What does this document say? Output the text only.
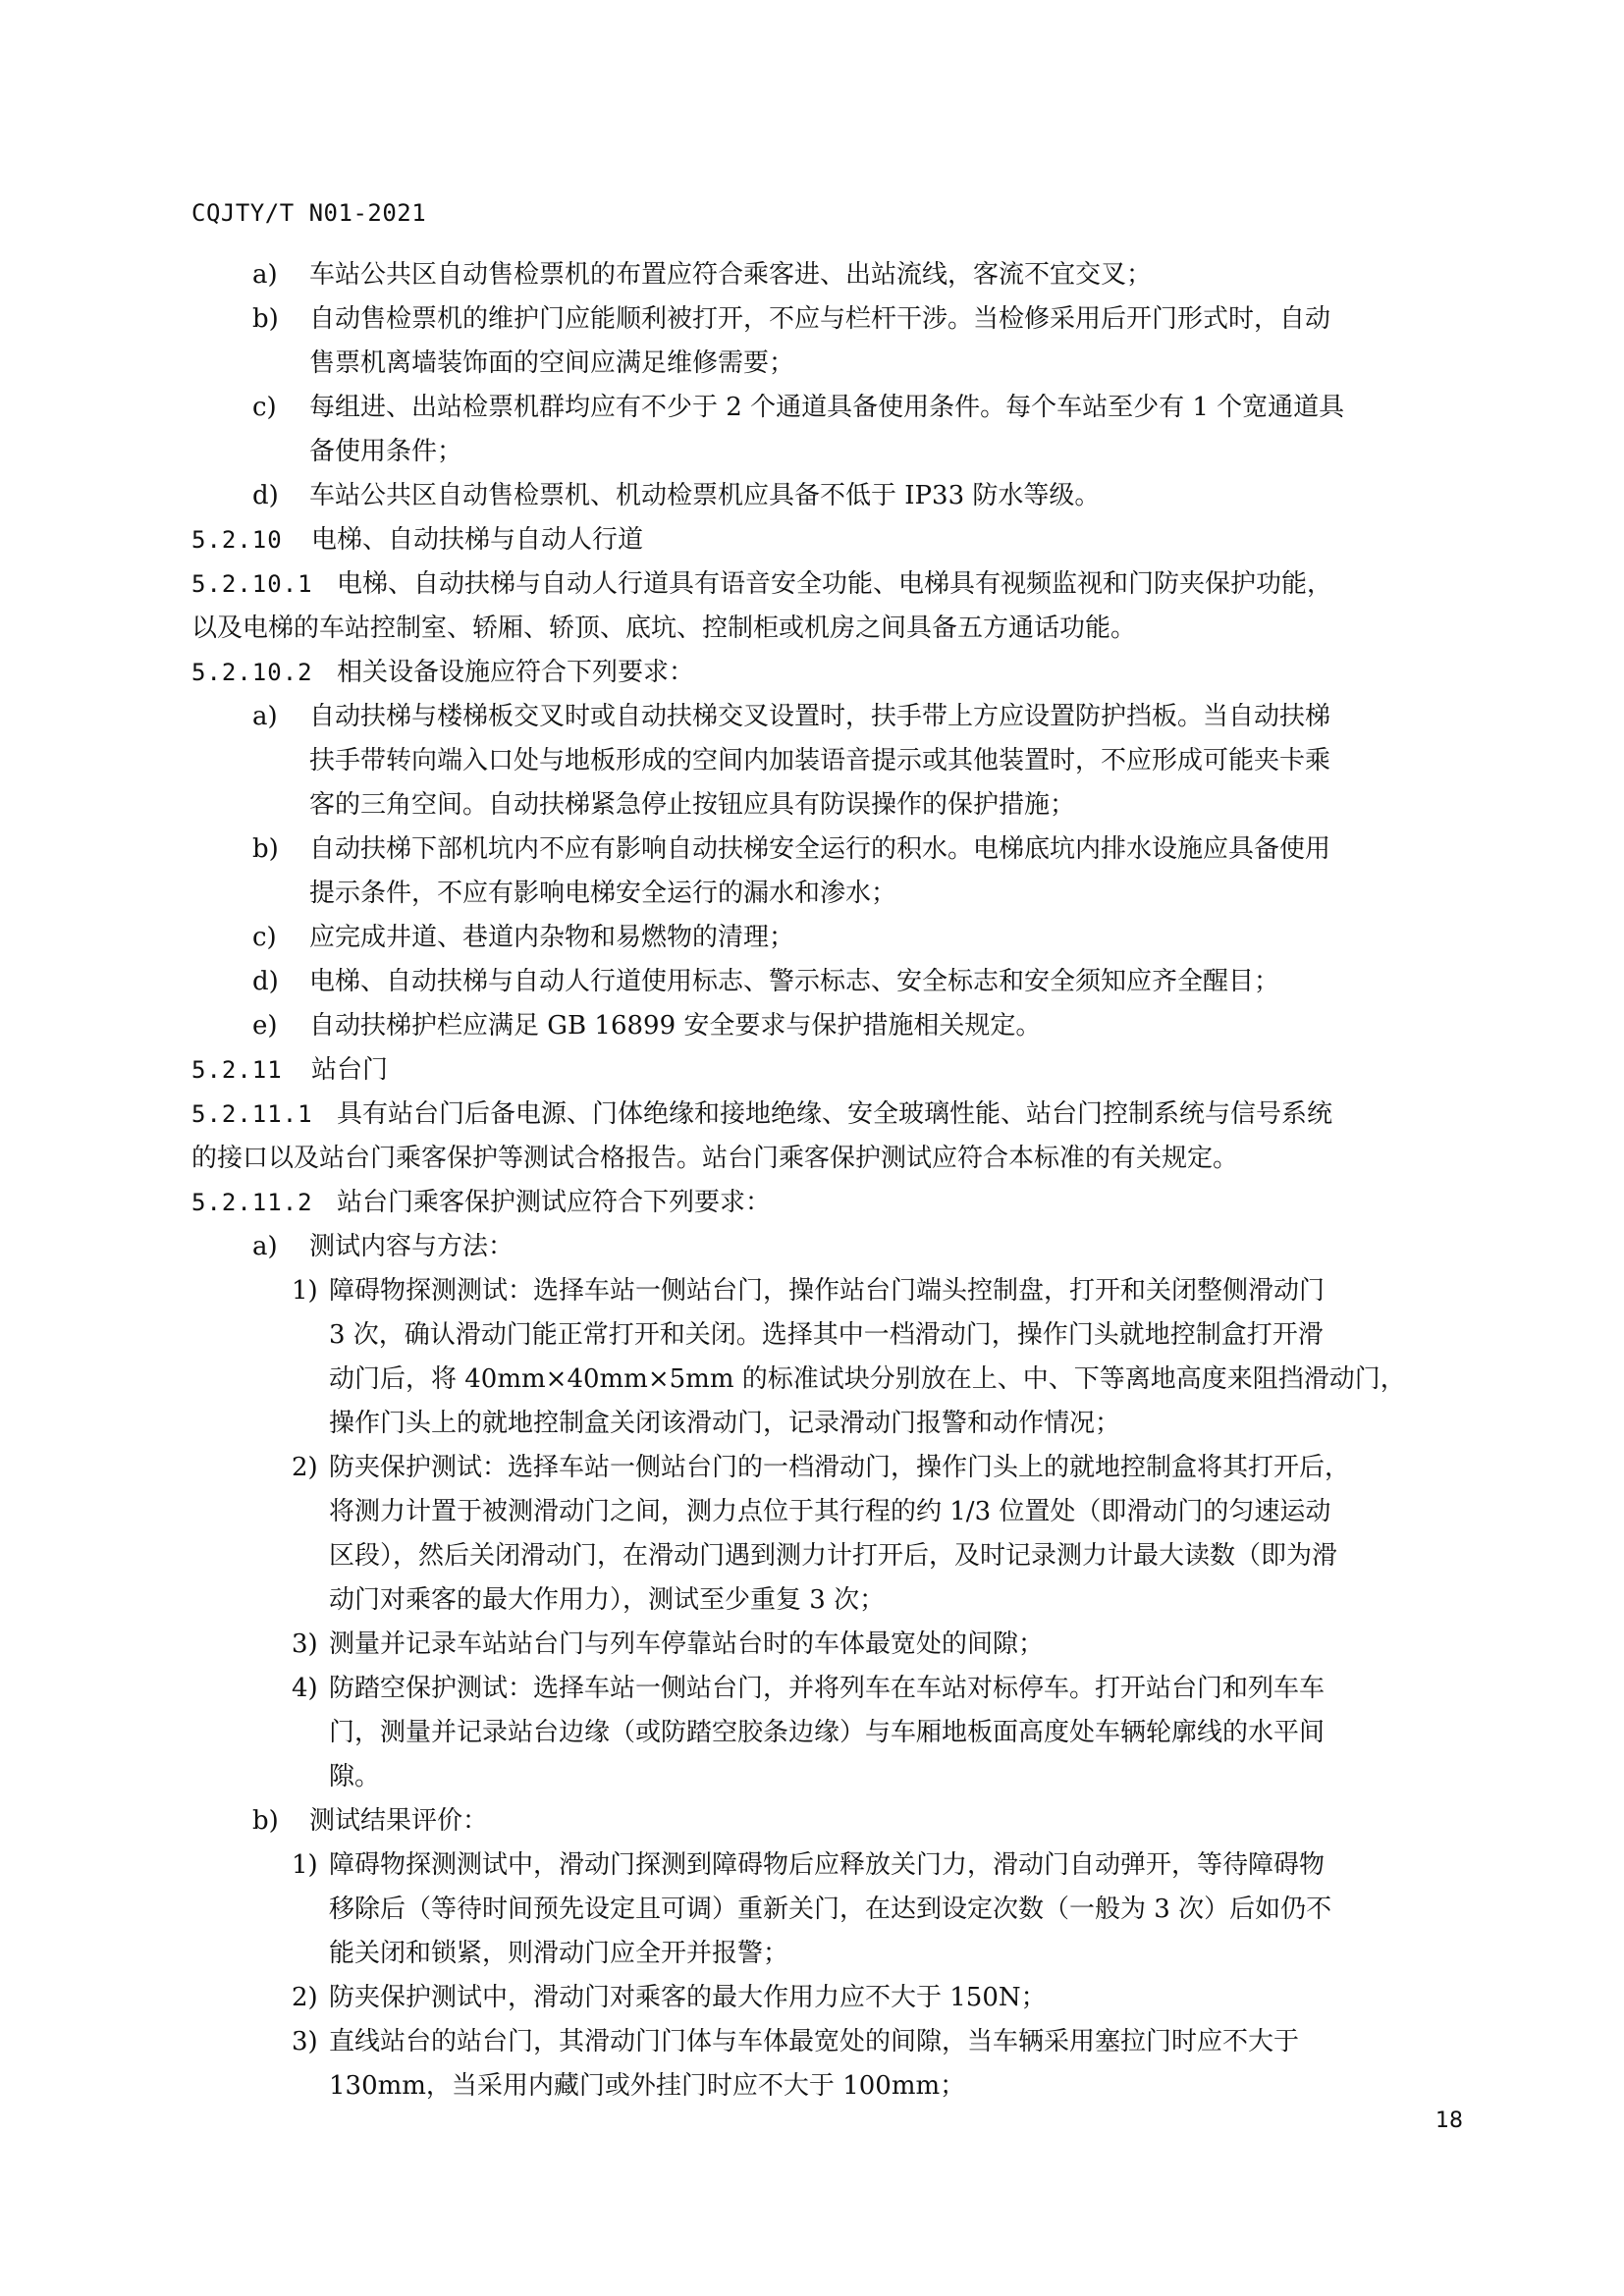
CQJTY/T N01-2021
a) 车站公共区自动售检票机的布置应符合乘客进、出站流线，客流不宜交叉；
b) 自动售检票机的维护门应能顺利被打开，不应与栏杆干涉。当检修采用后开门形式时，自动
售票机离墙装饰面的空间应满足维修需要；
c) 每组进、出站检票机群均应有不少于 2 个通道具备使用条件。每个车站至少有 1 个宽通道具
备使用条件；
d) 车站公共区自动售检票机、机动检票机应具备不低于 IP33 防水等级。
5.2.10 电梯、自动扶梯与自动人行道
5.2.10.1 电梯、自动扶梯与自动人行道具有语音安全功能、电梯具有视频监视和门防夹保护功能，
以及电梯的车站控制室、轿厢、轿顶、底坑、控制柜或机房之间具备五方通话功能。
5.2.10.2 相关设备设施应符合下列要求：
a) 自动扶梯与楼梯板交叉时或自动扶梯交叉设置时，扶手带上方应设置防护挡板。当自动扶梯
扶手带转向端入口处与地板形成的空间内加装语音提示或其他装置时，不应形成可能夹卡乘
客的三角空间。自动扶梯紧急停止按钮应具有防误操作的保护措施；
b) 自动扶梯下部机坑内不应有影响自动扶梯安全运行的积水。电梯底坑内排水设施应具备使用
提示条件，不应有影响电梯安全运行的漏水和渗水；
c) 应完成井道、巷道内杂物和易燃物的清理；
d) 电梯、自动扶梯与自动人行道使用标志、警示标志、安全标志和安全须知应齐全醒目；
e) 自动扶梯护栏应满足 GB 16899 安全要求与保护措施相关规定。
5.2.11 站台门
5.2.11.1 具有站台门后备电源、门体绝缘和接地绝缘、安全玻璃性能、站台门控制系统与信号系统
的接口以及站台门乘客保护等测试合格报告。站台门乘客保护测试应符合本标准的有关规定。
5.2.11.2 站台门乘客保护测试应符合下列要求：
a) 测试内容与方法：
1) 障碍物探测测试：选择车站一侧站台门，操作站台门端头控制盘，打开和关闭整侧滑动门
3 次，确认滑动门能正常打开和关闭。选择其中一档滑动门，操作门头就地控制盒打开滑
动门后，将 40mm×40mm×5mm 的标准试块分别放在上、中、下等离地高度来阻挡滑动门，
操作门头上的就地控制盒关闭该滑动门，记录滑动门报警和动作情况；
2) 防夹保护测试：选择车站一侧站台门的一档滑动门，操作门头上的就地控制盒将其打开后，
将测力计置于被测滑动门之间，测力点位于其行程的约 1/3 位置处（即滑动门的匀速运动
区段），然后关闭滑动门，在滑动门遇到测力计打开后，及时记录测力计最大读数（即为滑
动门对乘客的最大作用力），测试至少重复 3 次；
3) 测量并记录车站站台门与列车停靠站台时的车体最宽处的间隙；
4) 防踏空保护测试：选择车站一侧站台门，并将列车在车站对标停车。打开站台门和列车车
门，测量并记录站台边缘（或防踏空胶条边缘）与车厢地板面高度处车辆轮廓线的水平间
隙。
b) 测试结果评价：
1) 障碍物探测测试中，滑动门探测到障碍物后应释放关门力，滑动门自动弹开，等待障碍物
移除后（等待时间预先设定且可调）重新关门，在达到设定次数（一般为 3 次）后如仍不
能关闭和锁紧，则滑动门应全开并报警；
2) 防夹保护测试中，滑动门对乘客的最大作用力应不大于 150N；
3) 直线站台的站台门，其滑动门门体与车体最宽处的间隙，当车辆采用塞拉门时应不大于
130mm，当采用内藏门或外挂门时应不大于 100mm；
18
